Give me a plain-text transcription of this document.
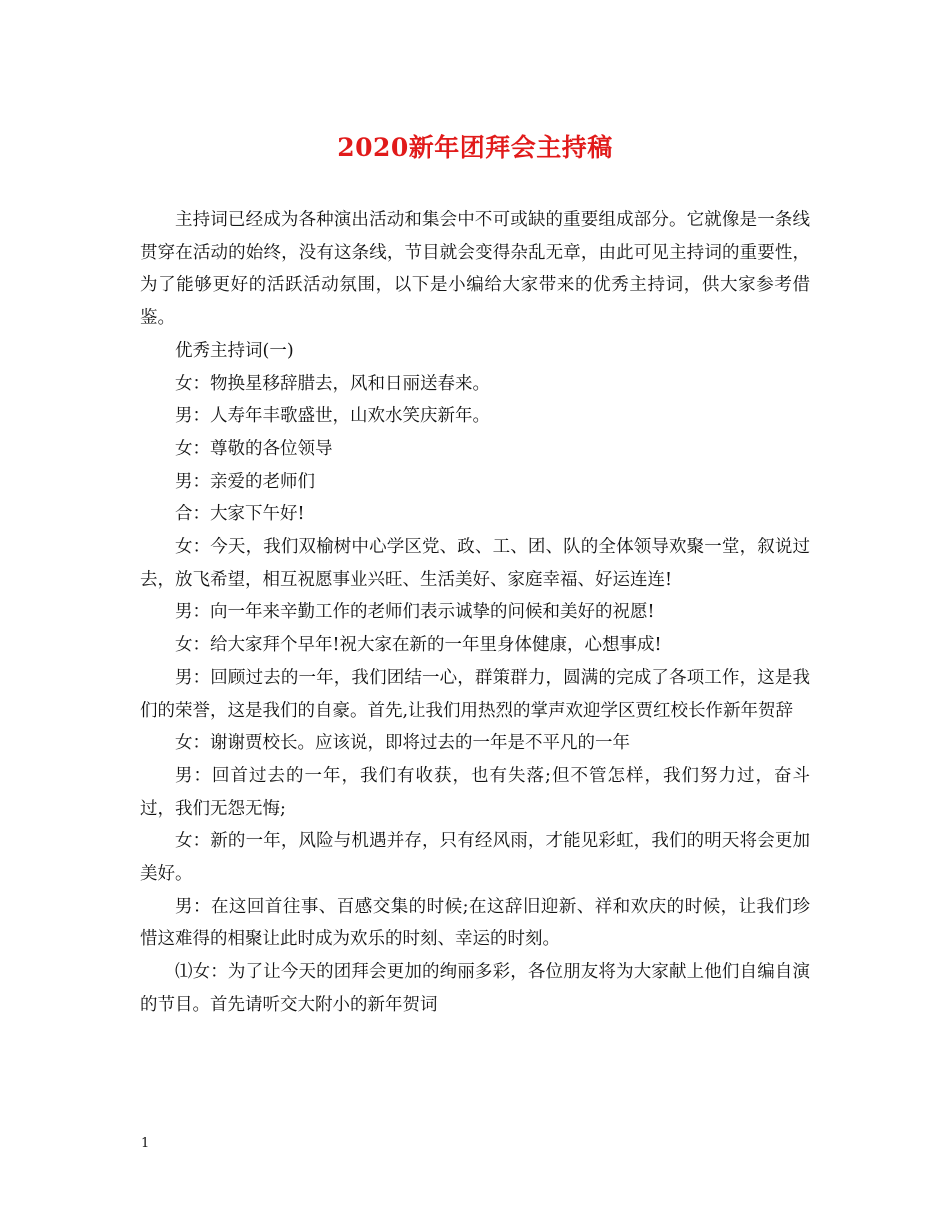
2020新年团拜会主持稿

主持词已经成为各种演出活动和集会中不可或缺的重要组成部分。它就像是一条线贯穿在活动的始终，没有这条线，节目就会变得杂乱无章，由此可见主持词的重要性，为了能够更好的活跃活动氛围，以下是小编给大家带来的优秀主持词，供大家参考借鉴。

优秀主持词(一)

女：物换星移辞腊去，风和日丽送春来。

男：人寿年丰歌盛世，山欢水笑庆新年。

女：尊敬的各位领导

男：亲爱的老师们

合：大家下午好!

女：今天，我们双榆树中心学区党、政、工、团、队的全体领导欢聚一堂，叙说过去，放飞希望，相互祝愿事业兴旺、生活美好、家庭幸福、好运连连!

男：向一年来辛勤工作的老师们表示诚挚的问候和美好的祝愿!

女：给大家拜个早年!祝大家在新的一年里身体健康，心想事成!

男：回顾过去的一年，我们团结一心，群策群力，圆满的完成了各项工作，这是我们的荣誉，这是我们的自豪。首先,让我们用热烈的掌声欢迎学区贾红校长作新年贺辞

女：谢谢贾校长。应该说，即将过去的一年是不平凡的一年

男：回首过去的一年，我们有收获，也有失落;但不管怎样，我们努力过，奋斗过，我们无怨无悔;

女：新的一年，风险与机遇并存，只有经风雨，才能见彩虹，我们的明天将会更加美好。

男：在这回首往事、百感交集的时候;在这辞旧迎新、祥和欢庆的时候，让我们珍惜这难得的相聚让此时成为欢乐的时刻、幸运的时刻。

⑴女：为了让今天的团拜会更加的绚丽多彩，各位朋友将为大家献上他们自编自演的节目。首先请听交大附小的新年贺词

1
